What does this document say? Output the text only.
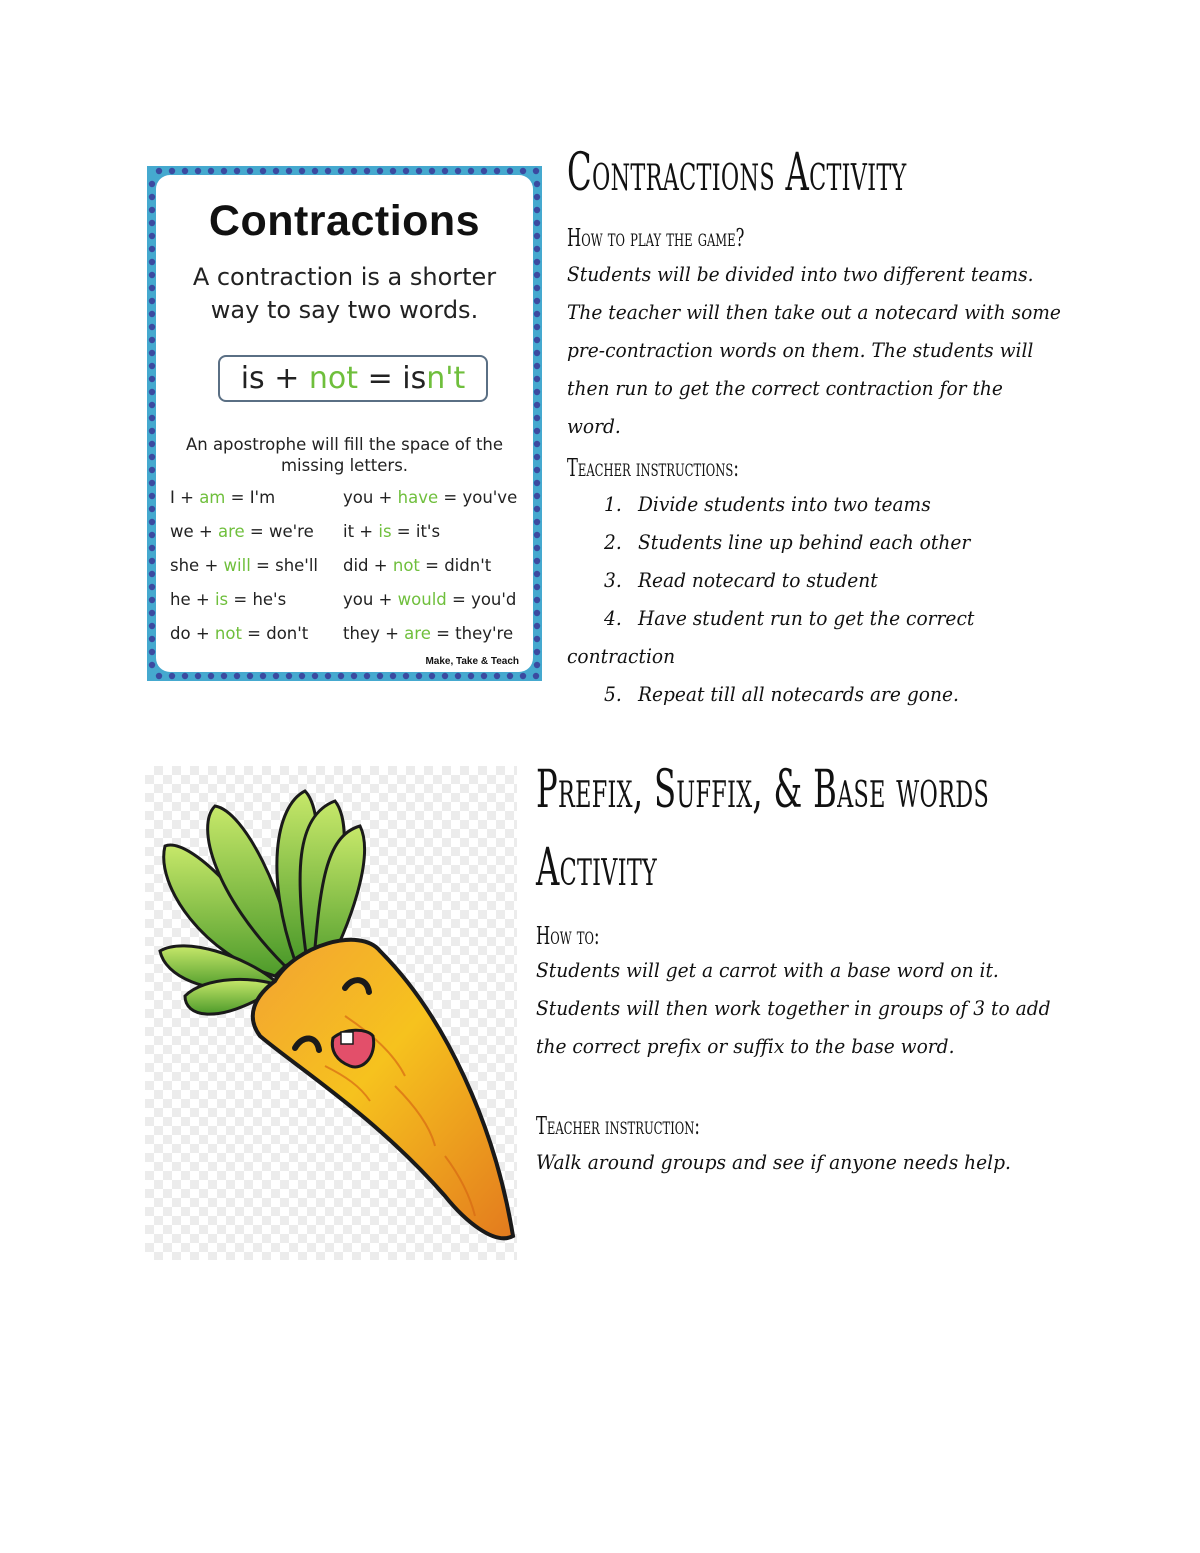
Contractions
A contraction is a shorter
way to say two words.
is + not = isn't
An apostrophe will fill the space of the
missing letters.
I + am = I'm
we + are = we're
she + will = she'll
he + is = he's
do + not = don't
you + have = you've
it + is = it's
did + not = didn't
you + would = you'd
they + are = they're
Make, Take & Teach
Contractions Activity
How to play the game?
Students will be divided into two different teams.
The teacher will then take out a notecard with some
pre-contraction words on them. The students will
then run to get the correct contraction for the
word.
Teacher instructions:
1. Divide students into two teams
2. Students line up behind each other
3. Read notecard to student
4. Have student run to get the correct
contraction
5. Repeat till all notecards are gone.
Prefix, Suffix, & Base words
Activity
How to:
Students will get a carrot with a base word on it.
Students will then work together in groups of 3 to add
the correct prefix or suffix to the base word.
Teacher instruction:
Walk around groups and see if anyone needs help.
